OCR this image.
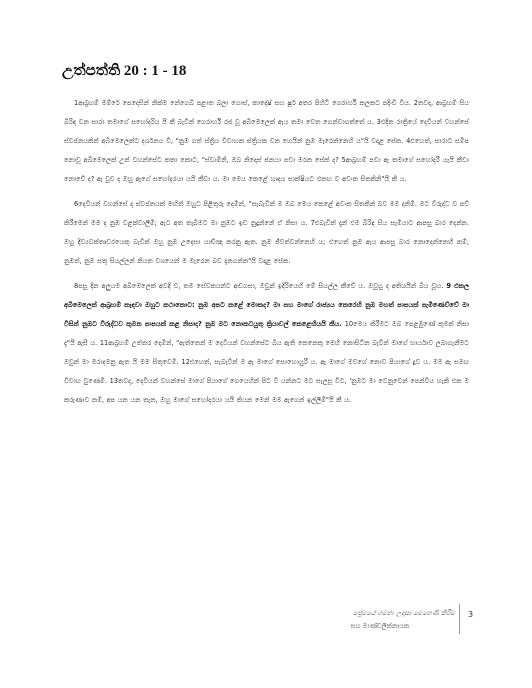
උත්පත්ති 20 : 1 - 18

1ආබ්‍රහම් මම්රේ පෙදෙසින් නික්ම නේගෙබ් පළාත බලා ගොස්, කාදේෂ් සහ ෂූර් අතර පිහිටි ගෙරාර්හි කලකට පදිංචි විය. 2තවද, ආබ්‍රහම් සිය බිරිඳ වන සාරා තමාගේ සහෝදරිය යි කී බැවින් ගෙරාර්හි රජ වූ අබිමෙලෙක් ඇය තමා වෙත ගෙන්වාගත්තේ ය. 3එදින රාත්‍රියේ දෙවියන් වහන්සේ ස්වප්නයකින් අබිමෙලෙක්ට දර්ශනය වී, "නුඹ ගත් ස්ත්‍රිය විවාහක ස්ත්‍රියක වන හෙයින් නුඹ මැරෙන්නෙහි ය"යි වදාළ සේක. 4එහෙත්, සාරාට සමීප නොවූ අබිමෙලෙක් උන් වහන්සේට කතා කොට, "ස්වාමීනි, ඔබ නිදොස් ජනයා පවා මරන සේක් ද? 5ආබ්‍රහම් පවා ඇ තමාගේ සහෝදරී යැයි කීවා නොවේ ද? ඇ වුව ද ඔහු ඇගේ සහෝදරයා යයි කීවා ය. මා මෙය කෙළේ හෘදය සාක්ෂියට එකඟ ව අවංක සිතකිනි"යි කී ය.

6දෙවියන් වහන්සේ ද ස්වප්නයක් මඟින් ඔහුට පිළිතුරු දෙමින්, "සැබැවින් ම ඔබ මෙය කෙළේ අවංක සිතකින් බව මම දනිමි. මට විරුද්ධ ව පව් කිරීමෙන් මම ද නුඹ වළක්වාලීමි; ඇට අත තැබීමට මා නුඹට ඉඩ නුදුන්නේ ඒ නිසා ය. 7එබැවින් දැන් එම බිරිඳ සිය සැමියාට ආපසු බාර දෙන්න. ඔහු දිව්‍යවක්තෘවරයෙකු බැවින් ඔහු නුඹ උදෙසා යාච්ඤා කරනු ඇත. නුඹ ජීවත්වන්නෙහි ය; එහෙත් නුඹ ඇය ආපසු බාර නොදෙන්නෙහි නම්, නුඹත්, නුඹ සතු සියල්ලන් නියත වශයෙන් ම මැරෙන බව දැනගන්න"යි වදාළ සේක.

8පසු දින අලුයම අබිමෙලෙක් අවදි ව, තම සේවකයන්ට අඬගසා, ඔවුන් ඉදිරියෙහි මේ සියල්ල කීවේ ය. ඔවුහු ද අතිශයින් බිය වූහ. 9 එකල අබිමෙලෙක් ආබ්‍රහම් කැඳවා ඔහුට කථාකොට: නුඹ අපට කළේ මොකද? මා සහ මාගේ රාජ්‍යය කෙරෙහි නුඹ මහත් පාපයක් පැමිණෙව්වේ මා විසින් නුඹට විරුද්ධව කුමන පාපයක් කළ නිසාද? නුඹ මට නොකටයුතු ක්‍රියාවල් කෙළෙහියයි කීය. 10මෙය කිරීමට ඔබ පෙළඹුණේ කුමක් නිසා දැ"යි ඇසී ය. 11ආබ්‍රහම් උත්තර දෙමින්, "ඇත්තෙන් ම දෙවියන් වහන්සේට බිය ඇති කෙනෙකු මෙහි නොසිටින බැවින් මාගේ භාර්යාව ලබාගැනීමට ඔවුන් මා මරාදමනු ඇත යි මම සිතුවෙමි. 12එහෙත්, සැබැවින් ම ඇ මාගේ සොහොයුරී ය. ඇ මාගේ මවගේ නොව පියාගේ දුව ය. මම ඇ සමඟ විවාහ වුණෙමි. 13තවද, දෙවියන් වහන්සේ මාගේ පියාගේ ගෙයෙහින් පිට වී යන්නට මට සැලසූ විට, 'නුඹට මා වෙනුවෙන් පෙන්විය හැකි එක ම කරුණාව නම්, අප යන යන තැන, ඔහු මාගේ සහෝදරයා යයි කියන මෙන් මම ඇගෙන් ඉල්ලීමි"යි කී ය.

ප්‍රේමයේ ගමන: උදාසා මෙහෙණි කිරීම
සහ මාණ්ඩලික්නායක
3
